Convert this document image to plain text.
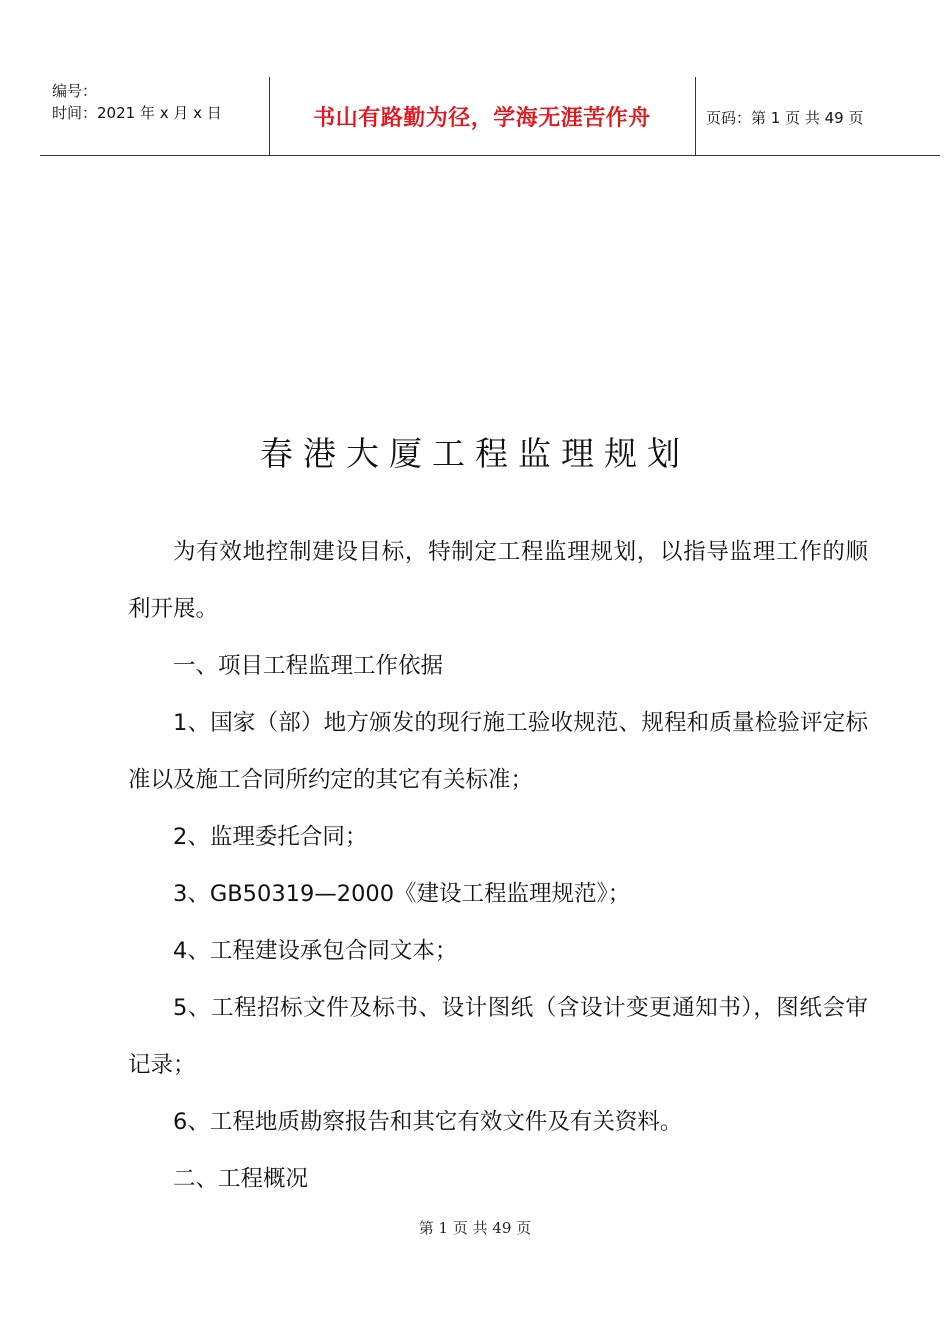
编号：
时间：2021 年 x 月 x 日	书山有路勤为径，学海无涯苦作舟	页码：第 1 页 共 49 页
春港大厦工程监理规划

为有效地控制建设目标，特制定工程监理规划，以指导监理工作的顺利开展。

一、项目工程监理工作依据

1、国家（部）地方颁发的现行施工验收规范、规程和质量检验评定标准以及施工合同所约定的其它有关标准；

2、监理委托合同；

3、GB50319—2000《建设工程监理规范》；

4、工程建设承包合同文本；

5、工程招标文件及标书、设计图纸（含设计变更通知书），图纸会审记录；

6、工程地质勘察报告和其它有效文件及有关资料。

二、工程概况

第 1 页 共 49 页
